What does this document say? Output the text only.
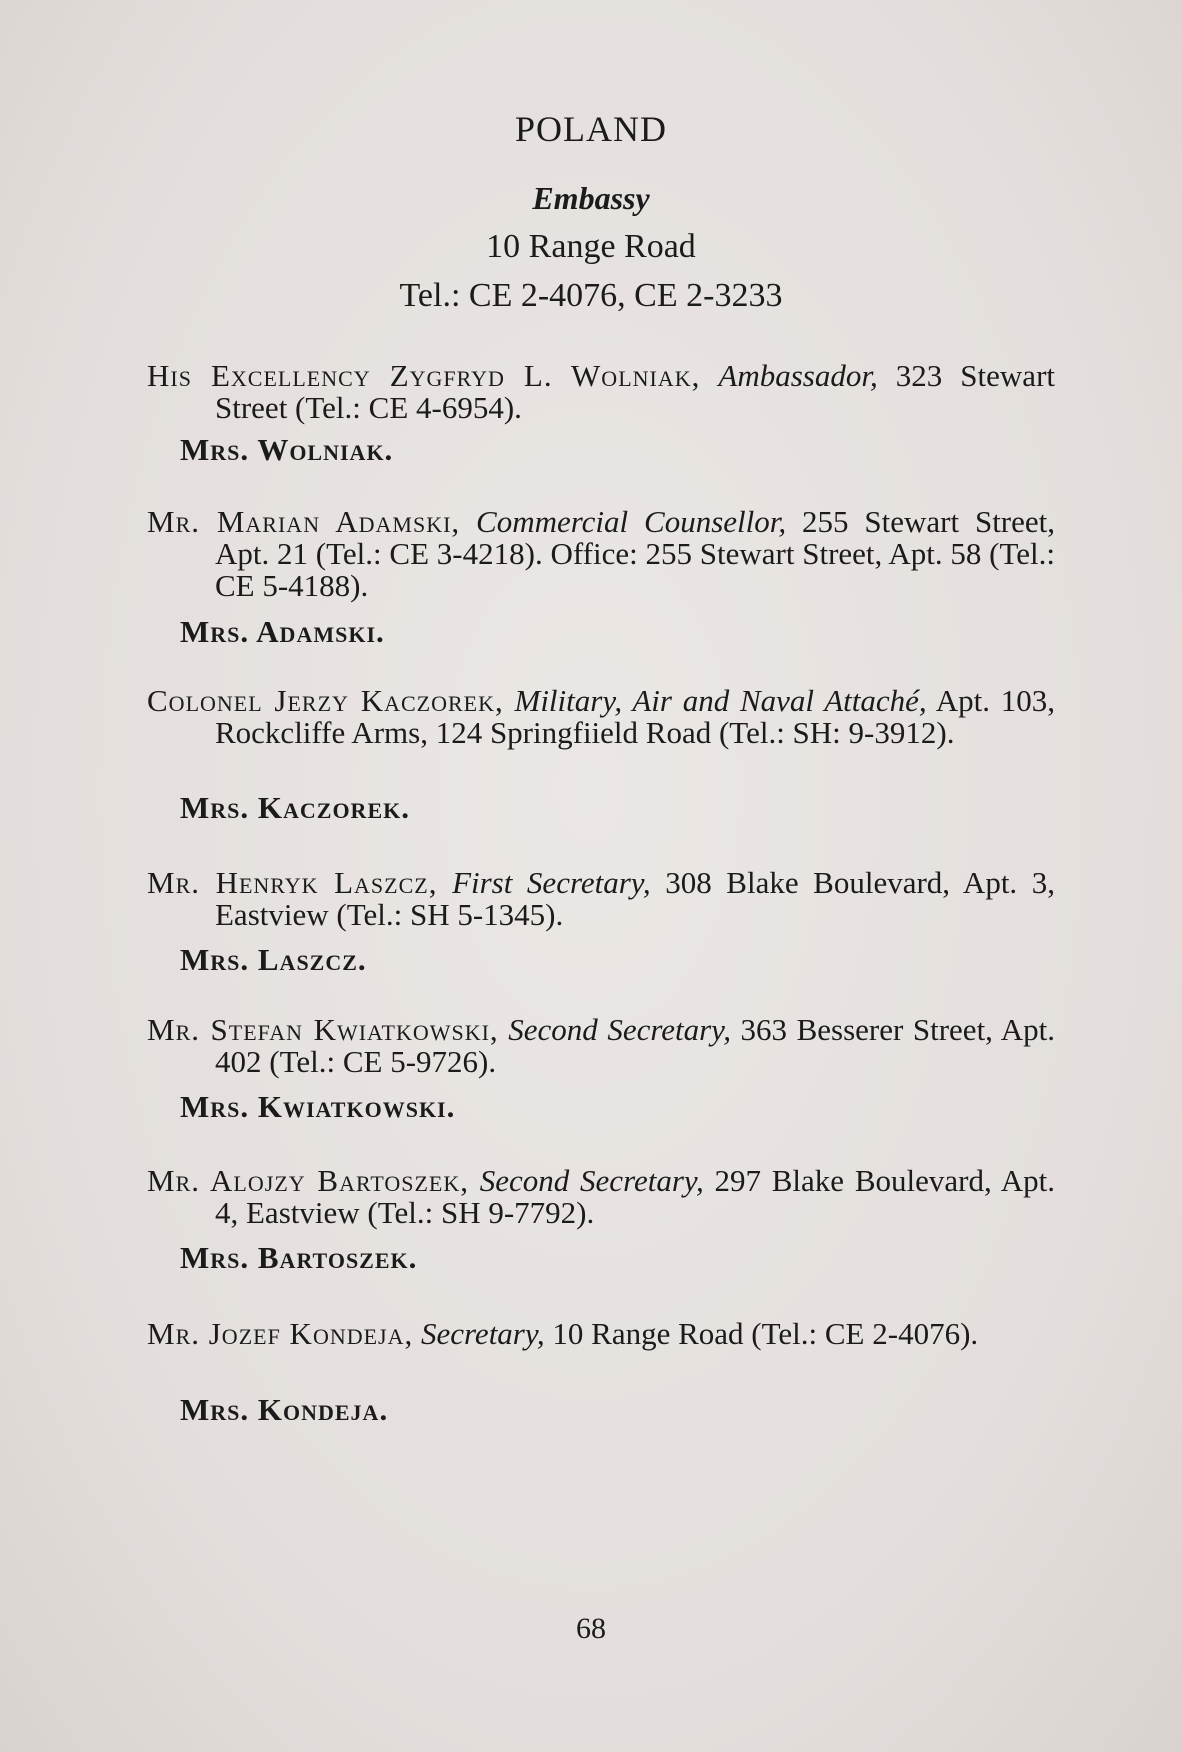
POLAND
Embassy
10 Range Road
Tel.: CE 2-4076, CE 2-3233
His Excellency Zygfryd L. Wolniak, Ambassador, 323 Stewart Street (Tel.: CE 4-6954).
Mrs. Wolniak.
Mr. Marian Adamski, Commercial Counsellor, 255 Stewart Street, Apt. 21 (Tel.: CE 3-4218). Office: 255 Stewart Street, Apt. 58 (Tel.: CE 5-4188).
Mrs. Adamski.
Colonel Jerzy Kaczorek, Military, Air and Naval Attaché, Apt. 103, Rockcliffe Arms, 124 Springfiield Road (Tel.: SH: 9-3912).
Mrs. Kaczorek.
Mr. Henryk Laszcz, First Secretary, 308 Blake Boulevard, Apt. 3, Eastview (Tel.: SH 5-1345).
Mrs. Laszcz.
Mr. Stefan Kwiatkowski, Second Secretary, 363 Besserer Street, Apt. 402 (Tel.: CE 5-9726).
Mrs. Kwiatkowski.
Mr. Alojzy Bartoszek, Second Secretary, 297 Blake Boulevard, Apt. 4, Eastview (Tel.: SH 9-7792).
Mrs. Bartoszek.
Mr. Jozef Kondeja, Secretary, 10 Range Road (Tel.: CE 2-4076).
Mrs. Kondeja.
68
